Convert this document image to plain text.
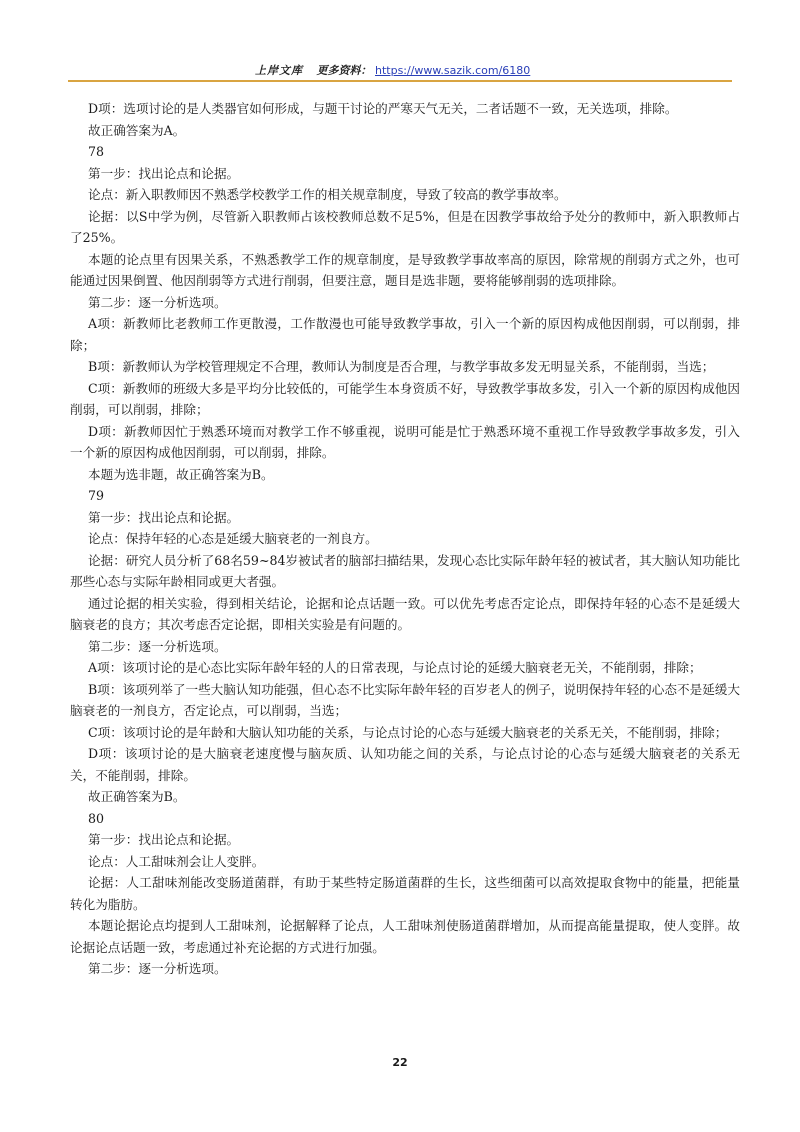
上岸文库 更多资料： https://www.sazik.com/6180

D项：选项讨论的是人类器官如何形成，与题干讨论的严寒天气无关，二者话题不一致，无关选项，排除。

故正确答案为A。

78

第一步：找出论点和论据。

论点：新入职教师因不熟悉学校教学工作的相关规章制度，导致了较高的教学事故率。

论据：以S中学为例，尽管新入职教师占该校教师总数不足5%，但是在因教学事故给予处分的教师中，新入职教师占了25%。

本题的论点里有因果关系，不熟悉教学工作的规章制度，是导致教学事故率高的原因，除常规的削弱方式之外，也可能通过因果倒置、他因削弱等方式进行削弱，但要注意，题目是选非题，要将能够削弱的选项排除。

第二步：逐一分析选项。

A项：新教师比老教师工作更散漫，工作散漫也可能导致教学事故，引入一个新的原因构成他因削弱，可以削弱，排除；

B项：新教师认为学校管理规定不合理，教师认为制度是否合理，与教学事故多发无明显关系，不能削弱，当选；

C项：新教师的班级大多是平均分比较低的，可能学生本身资质不好，导致教学事故多发，引入一个新的原因构成他因削弱，可以削弱，排除；

D项：新教师因忙于熟悉环境而对教学工作不够重视，说明可能是忙于熟悉环境不重视工作导致教学事故多发，引入一个新的原因构成他因削弱，可以削弱，排除。

本题为选非题，故正确答案为B。

79

第一步：找出论点和论据。

论点：保持年轻的心态是延缓大脑衰老的一剂良方。

论据：研究人员分析了68名59~84岁被试者的脑部扫描结果，发现心态比实际年龄年轻的被试者，其大脑认知功能比那些心态与实际年龄相同或更大者强。

通过论据的相关实验，得到相关结论，论据和论点话题一致。可以优先考虑否定论点，即保持年轻的心态不是延缓大脑衰老的良方；其次考虑否定论据，即相关实验是有问题的。

第二步：逐一分析选项。

A项：该项讨论的是心态比实际年龄年轻的人的日常表现，与论点讨论的延缓大脑衰老无关，不能削弱，排除；

B项：该项列举了一些大脑认知功能强，但心态不比实际年龄年轻的百岁老人的例子，说明保持年轻的心态不是延缓大脑衰老的一剂良方，否定论点，可以削弱，当选；

C项：该项讨论的是年龄和大脑认知功能的关系，与论点讨论的心态与延缓大脑衰老的关系无关，不能削弱，排除；

D项：该项讨论的是大脑衰老速度慢与脑灰质、认知功能之间的关系，与论点讨论的心态与延缓大脑衰老的关系无关，不能削弱，排除。

故正确答案为B。

80

第一步：找出论点和论据。

论点：人工甜味剂会让人变胖。

论据：人工甜味剂能改变肠道菌群，有助于某些特定肠道菌群的生长，这些细菌可以高效提取食物中的能量，把能量转化为脂肪。

本题论据论点均提到人工甜味剂，论据解释了论点，人工甜味剂使肠道菌群增加，从而提高能量提取，使人变胖。故论据论点话题一致，考虑通过补充论据的方式进行加强。

第二步：逐一分析选项。

22
